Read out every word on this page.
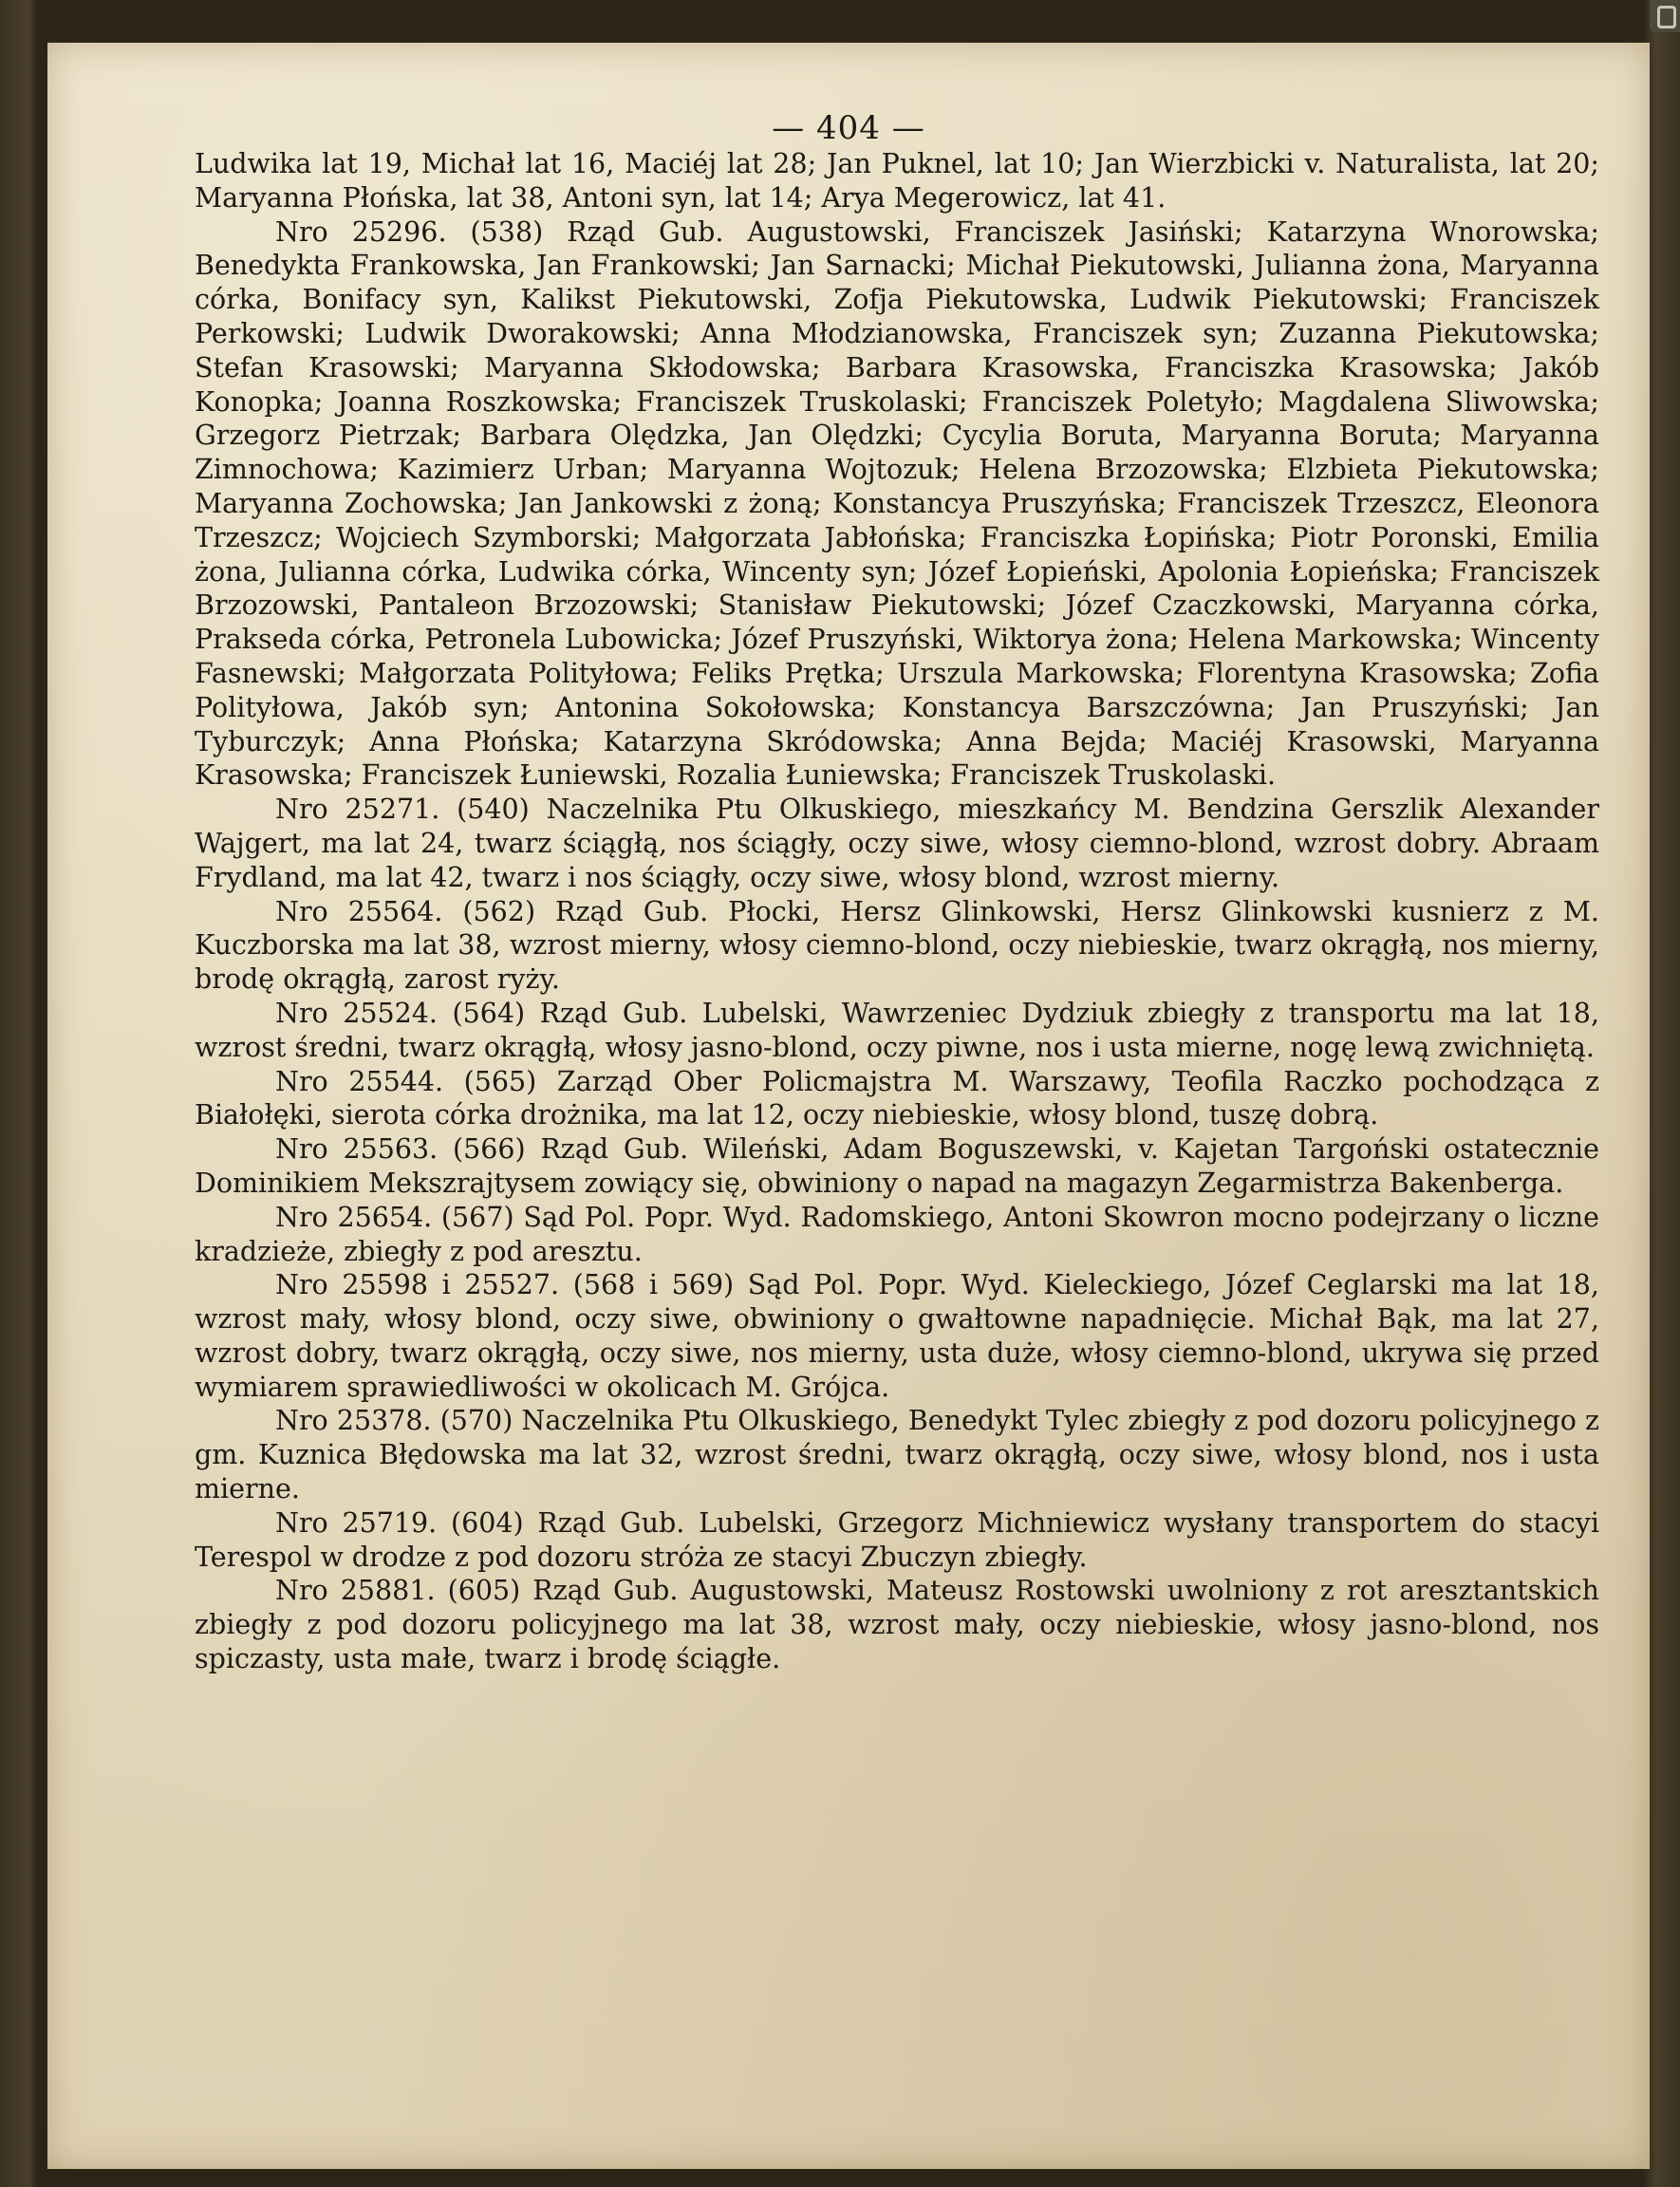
— 404 —

Ludwika lat 19, Michał lat 16, Maciéj lat 28; Jan Puknel, lat 10; Jan Wierzbicki v. Naturalista, lat 20; Maryanna Płońska, lat 38, Antoni syn, lat 14; Arya Megerowicz, lat 41.

Nro 25296. (538) Rząd Gub. Augustowski, Franciszek Jasiński; Katarzyna Wnorowska; Benedykta Frankowska, Jan Frankowski; Jan Sarnacki; Michał Piekutowski, Julianna żona, Maryanna córka, Bonifacy syn, Kalikst Piekutowski, Zofja Piekutowska, Ludwik Piekutowski; Franciszek Perkowski; Ludwik Dworakowski; Anna Młodzianowska, Franciszek syn; Zuzanna Piekutowska; Stefan Krasowski; Maryanna Skłodowska; Barbara Krasowska, Franciszka Krasowska; Jakób Konopka; Joanna Roszkowska; Franciszek Truskolaski; Franciszek Poletyło; Magdalena Sliwowska; Grzegorz Pietrzak; Barbara Olędzka, Jan Olędzki; Cycylia Boruta, Maryanna Boruta; Maryanna Zimnochowa; Kazimierz Urban; Maryanna Wojtozuk; Helena Brzozowska; Elzbieta Piekutowska; Maryanna Zochowska; Jan Jankowski z żoną; Konstancya Pruszyńska; Franciszek Trzeszcz, Eleonora Trzeszcz; Wojciech Szymborski; Małgorzata Jabłońska; Franciszka Łopińska; Piotr Poronski, Emilia żona, Julianna córka, Ludwika córka, Wincenty syn; Józef Łopieński, Apolonia Łopieńska; Franciszek Brzozowski, Pantaleon Brzozowski; Stanisław Piekutowski; Józef Czaczkowski, Maryanna córka, Prakseda córka, Petronela Lubowicka; Józef Pruszyński, Wiktorya żona; Helena Markowska; Wincenty Fasnewski; Małgorzata Polityłowa; Feliks Prętka; Urszula Markowska; Florentyna Krasowska; Zofia Polityłowa, Jakób syn; Antonina Sokołowska; Konstancya Barszczówna; Jan Pruszyński; Jan Tyburczyk; Anna Płońska; Katarzyna Skródowska; Anna Bejda; Maciéj Krasowski, Maryanna Krasowska; Franciszek Łuniewski, Rozalia Łuniewska; Franciszek Truskolaski.

Nro 25271. (540) Naczelnika Ptu Olkuskiego, mieszkańcy M. Bendzina Gerszlik Alexander Wajgert, ma lat 24, twarz ściągłą, nos ściągły, oczy siwe, włosy ciemno-blond, wzrost dobry. Abraam Frydland, ma lat 42, twarz i nos ściągły, oczy siwe, włosy blond, wzrost mierny.

Nro 25564. (562) Rząd Gub. Płocki, Hersz Glinkowski, Hersz Glinkowski kusnierz z M. Kuczborska ma lat 38, wzrost mierny, włosy ciemno-blond, oczy niebieskie, twarz okrągłą, nos mierny, brodę okrągłą, zarost ryży.

Nro 25524. (564) Rząd Gub. Lubelski, Wawrzeniec Dydziuk zbiegły z transportu ma lat 18, wzrost średni, twarz okrągłą, włosy jasno-blond, oczy piwne, nos i usta mierne, nogę lewą zwichniętą.

Nro 25544. (565) Zarząd Ober Policmajstra M. Warszawy, Teofila Raczko pochodząca z Białołęki, sierota córka drożnika, ma lat 12, oczy niebieskie, włosy blond, tuszę dobrą.

Nro 25563. (566) Rząd Gub. Wileński, Adam Boguszewski, v. Kajetan Targoński ostatecznie Dominikiem Mekszrajtysem zowiący się, obwiniony o napad na magazyn Zegarmistrza Bakenberga.

Nro 25654. (567) Sąd Pol. Popr. Wyd. Radomskiego, Antoni Skowron mocno podejrzany o liczne kradzieże, zbiegły z pod aresztu.

Nro 25598 i 25527. (568 i 569) Sąd Pol. Popr. Wyd. Kieleckiego, Józef Ceglarski ma lat 18, wzrost mały, włosy blond, oczy siwe, obwiniony o gwałtowne napadnięcie. Michał Bąk, ma lat 27, wzrost dobry, twarz okrągłą, oczy siwe, nos mierny, usta duże, włosy ciemno-blond, ukrywa się przed wymiarem sprawiedliwości w okolicach M. Grójca.

Nro 25378. (570) Naczelnika Ptu Olkuskiego, Benedykt Tylec zbiegły z pod dozoru policyjnego z gm. Kuznica Błędowska ma lat 32, wzrost średni, twarz okrągłą, oczy siwe, włosy blond, nos i usta mierne.

Nro 25719. (604) Rząd Gub. Lubelski, Grzegorz Michniewicz wysłany transportem do stacyi Terespol w drodze z pod dozoru stróża ze stacyi Zbuczyn zbiegły.

Nro 25881. (605) Rząd Gub. Augustowski, Mateusz Rostowski uwolniony z rot aresztantskich zbiegły z pod dozoru policyjnego ma lat 38, wzrost mały, oczy niebieskie, włosy jasno-blond, nos spiczasty, usta małe, twarz i brodę ściągłe.
